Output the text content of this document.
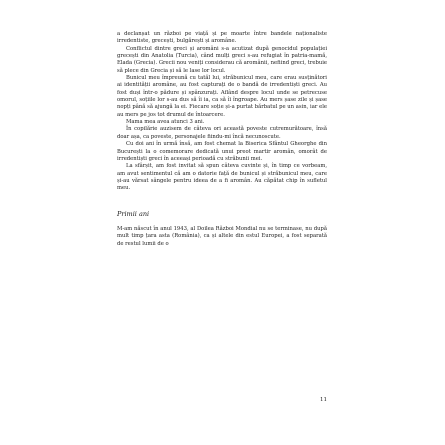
a declanșat un război pe viață și pe moarte între bandele naționaliste irredentiste, grecești, bulgărești și aromâne.

Conflictul dintre greci și aromâni s-a acutizat după genocidul populației grecești din Anatolia (Turcia), când mulți greci s-au refugiat în patria-mamă, Elada (Grecia). Grecii nou veniți considerau că aromânii, nefiind greci, trebuie să plece din Grecia și să le lase lor locul.

Bunicul meu împreună cu tatăl lui, străbunicul meu, care erau susținători ai identității aromâne, au fost capturați de o bandă de irredentiști greci. Au fost duși într-o pădure și spânzurați. Aflând despre locul unde se petrecuse omorul, soțiile lor s-au dus să îi ia, ca să îi îngroape. Au mers șase zile și șase nopți până să ajungă la ei. Fiecare soție și-a purtat bărbatul pe un asin, iar ele au mers pe jos tot drumul de întoarcere.

Mama mea avea atunci 3 ani.

În copilărie auzisem de câteva ori această poveste cutremurătoare, însă doar așa, ca poveste, personajele fiindu-mi încă necunoscute.

Cu doi ani în urmă însă, am fost chemat la Biserica Sfântul Gheorghe din București la o comemorare dedicată unui preot martir aromân, omorât de irredentiști greci în aceeași perioadă cu străbunii mei.

La sfârșit, am fost invitat să spun câteva cuvinte și, în timp ce vorbeam, am avut sentimentul că am o datorie față de bunicul și străbunicul meu, care și-au vărsat sângele pentru ideea de a fi aromân. Au căpătat chip în sufletul meu.

Primii ani

M-am născut în anul 1943, al Doilea Război Mondial nu se terminase, nu după mult timp țara asta (România), ca și altele din estul Europei, a fost separată de restul lumii de o

11
